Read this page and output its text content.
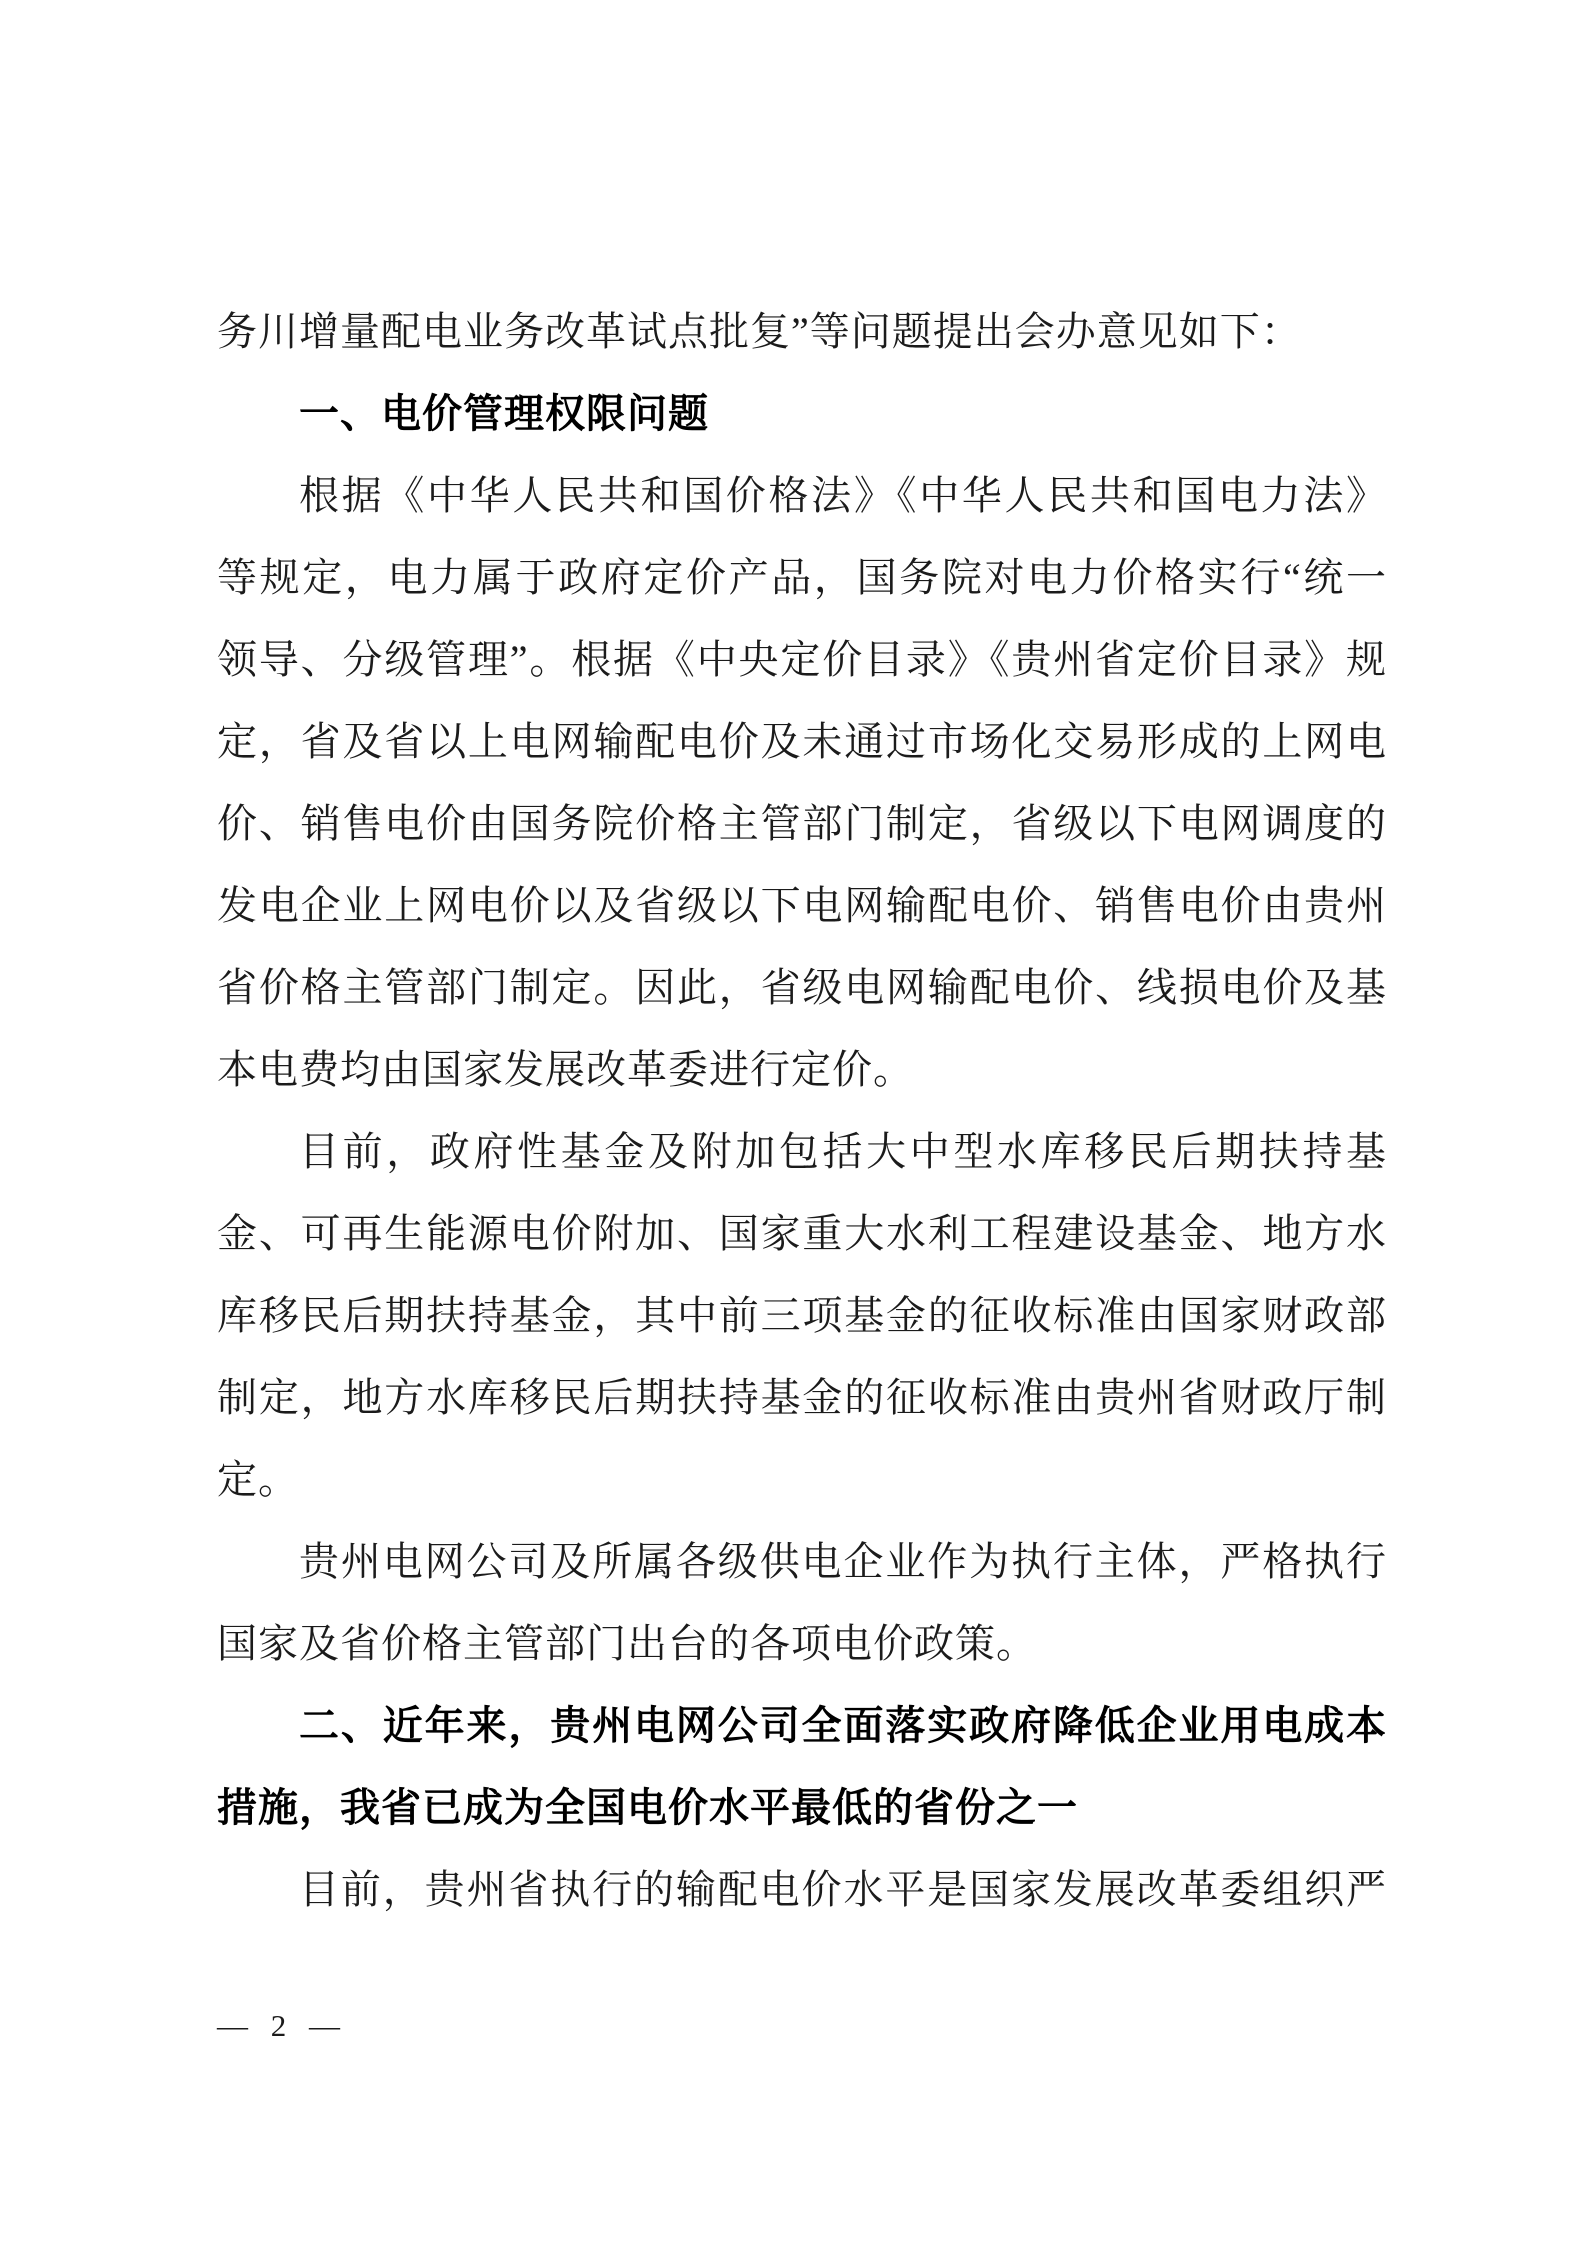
务川增量配电业务改革试点批复”等问题提出会办意见如下：
一、电价管理权限问题
根据《中华人民共和国价格法》《中华人民共和国电力法》
等规定，电力属于政府定价产品，国务院对电力价格实行“统一
领导、分级管理”。根据《中央定价目录》《贵州省定价目录》规
定，省及省以上电网输配电价及未通过市场化交易形成的上网电
价、销售电价由国务院价格主管部门制定，省级以下电网调度的
发电企业上网电价以及省级以下电网输配电价、销售电价由贵州
省价格主管部门制定。因此，省级电网输配电价、线损电价及基
本电费均由国家发展改革委进行定价。
目前，政府性基金及附加包括大中型水库移民后期扶持基
金、可再生能源电价附加、国家重大水利工程建设基金、地方水
库移民后期扶持基金，其中前三项基金的征收标准由国家财政部
制定，地方水库移民后期扶持基金的征收标准由贵州省财政厅制
定。
贵州电网公司及所属各级供电企业作为执行主体，严格执行
国家及省价格主管部门出台的各项电价政策。
二、近年来，贵州电网公司全面落实政府降低企业用电成本
措施，我省已成为全国电价水平最低的省份之一
目前，贵州省执行的输配电价水平是国家发展改革委组织严
— 2 —
